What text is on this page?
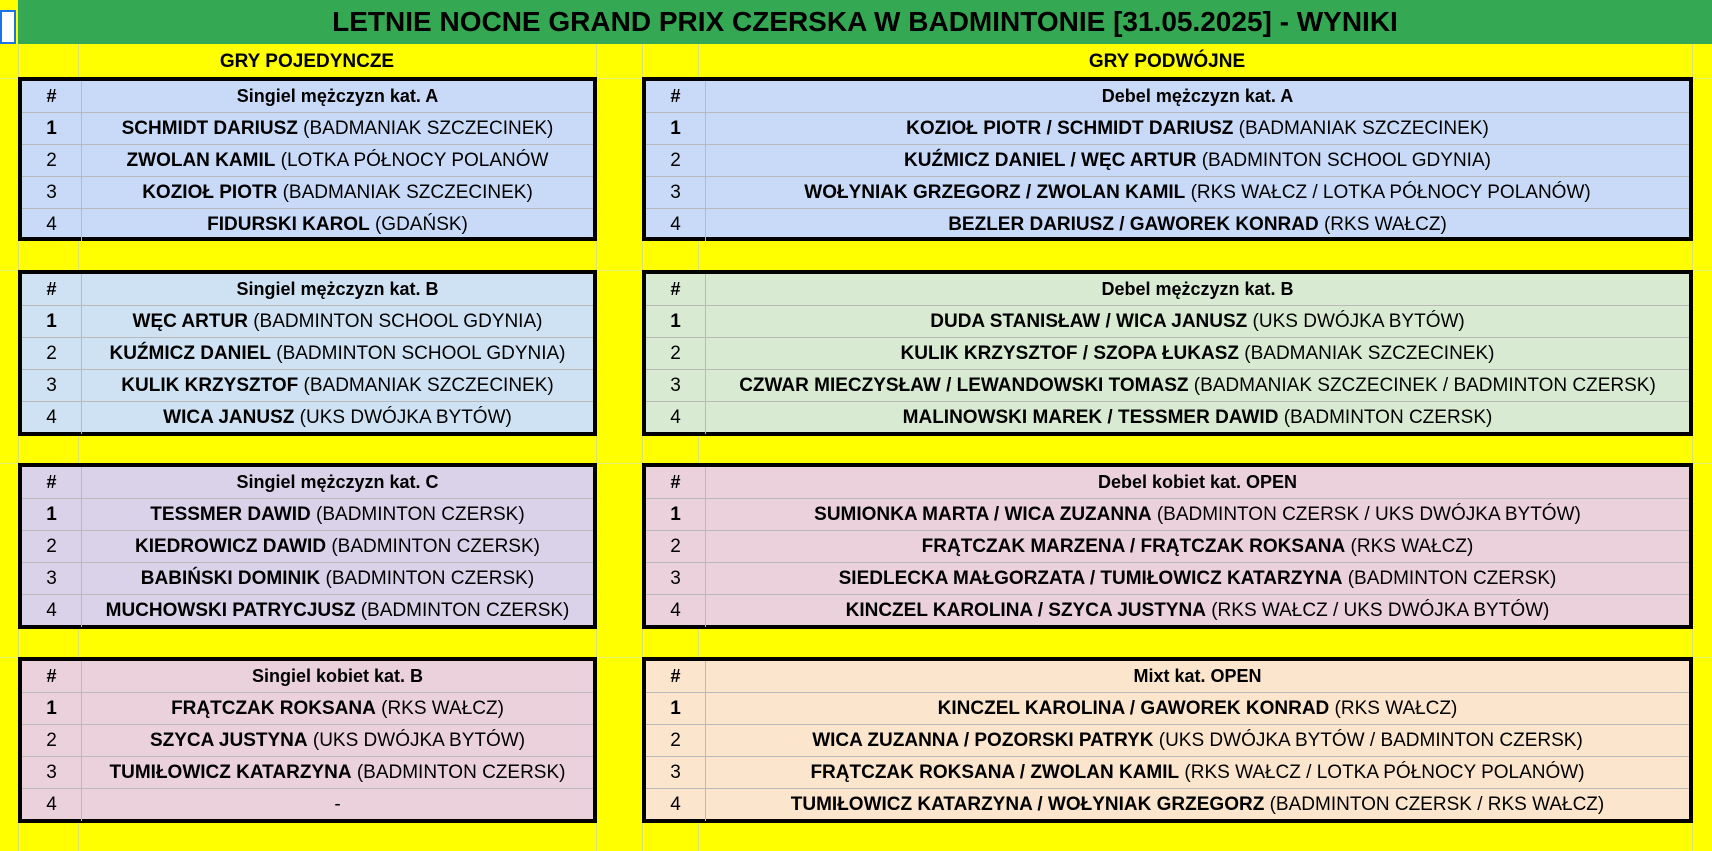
LETNIE NOCNE GRAND PRIX CZERSKA W BADMINTONIE [31.05.2025] - WYNIKI
GRY POJEDYNCZE	GRY PODWÓJNE
#	Singiel mężczyzn kat. A
1	SCHMIDT DARIUSZ (BADMANIAK SZCZECINEK)
2	ZWOLAN KAMIL (LOTKA PÓŁNOCY POLANÓW
3	KOZIOŁ PIOTR (BADMANIAK SZCZECINEK)
4	FIDURSKI KAROL (GDAŃSK)
#	Singiel mężczyzn kat. B
1	WĘC ARTUR (BADMINTON SCHOOL GDYNIA)
2	KUŹMICZ DANIEL (BADMINTON SCHOOL GDYNIA)
3	KULIK KRZYSZTOF (BADMANIAK SZCZECINEK)
4	WICA JANUSZ (UKS DWÓJKA BYTÓW)
#	Singiel mężczyzn kat. C
1	TESSMER DAWID (BADMINTON CZERSK)
2	KIEDROWICZ DAWID (BADMINTON CZERSK)
3	BABIŃSKI DOMINIK (BADMINTON CZERSK)
4	MUCHOWSKI PATRYCJUSZ (BADMINTON CZERSK)
#	Singiel kobiet kat. B
1	FRĄTCZAK ROKSANA (RKS WAŁCZ)
2	SZYCA JUSTYNA (UKS DWÓJKA BYTÓW)
3	TUMIŁOWICZ KATARZYNA (BADMINTON CZERSK)
4	-
#	Debel mężczyzn kat. A
1	KOZIOŁ PIOTR / SCHMIDT DARIUSZ (BADMANIAK SZCZECINEK)
2	KUŹMICZ DANIEL / WĘC ARTUR (BADMINTON SCHOOL GDYNIA)
3	WOŁYNIAK GRZEGORZ / ZWOLAN KAMIL (RKS WAŁCZ / LOTKA PÓŁNOCY POLANÓW)
4	BEZLER DARIUSZ / GAWOREK KONRAD (RKS WAŁCZ)
#	Debel mężczyzn kat. B
1	DUDA STANISŁAW / WICA JANUSZ (UKS DWÓJKA BYTÓW)
2	KULIK KRZYSZTOF / SZOPA ŁUKASZ (BADMANIAK SZCZECINEK)
3	CZWAR MIECZYSŁAW / LEWANDOWSKI TOMASZ (BADMANIAK SZCZECINEK / BADMINTON CZERSK)
4	MALINOWSKI MAREK / TESSMER DAWID (BADMINTON CZERSK)
#	Debel kobiet kat. OPEN
1	SUMIONKA MARTA / WICA ZUZANNA (BADMINTON CZERSK / UKS DWÓJKA BYTÓW)
2	FRĄTCZAK MARZENA / FRĄTCZAK ROKSANA (RKS WAŁCZ)
3	SIEDLECKA MAŁGORZATA / TUMIŁOWICZ KATARZYNA (BADMINTON CZERSK)
4	KINCZEL KAROLINA / SZYCA JUSTYNA (RKS WAŁCZ / UKS DWÓJKA BYTÓW)
#	Mixt kat. OPEN
1	KINCZEL KAROLINA / GAWOREK KONRAD (RKS WAŁCZ)
2	WICA ZUZANNA / POZORSKI PATRYK (UKS DWÓJKA BYTÓW / BADMINTON CZERSK)
3	FRĄTCZAK ROKSANA / ZWOLAN KAMIL (RKS WAŁCZ / LOTKA PÓŁNOCY POLANÓW)
4	TUMIŁOWICZ KATARZYNA / WOŁYNIAK GRZEGORZ (BADMINTON CZERSK / RKS WAŁCZ)
